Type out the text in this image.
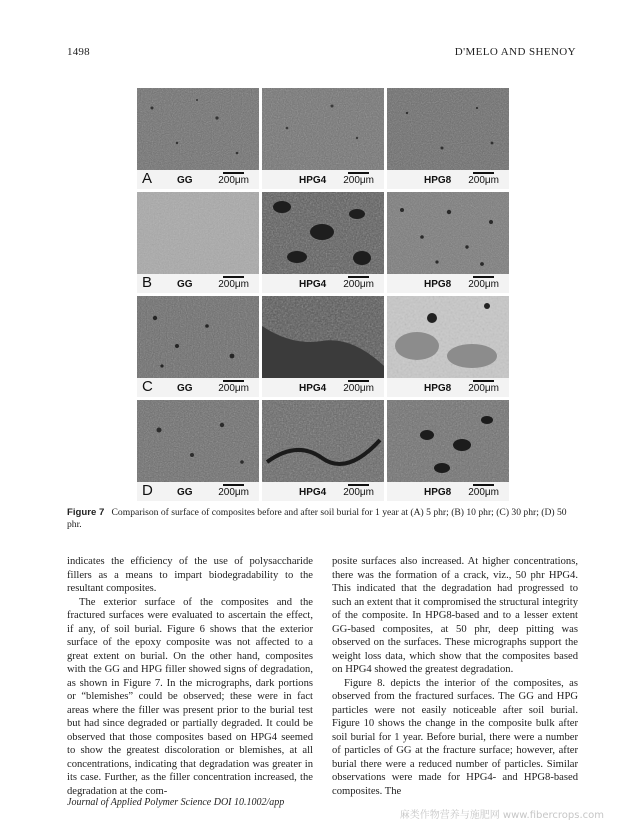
1498	D'MELO AND SHENOY
A GG	200μm	HPG4 200μm	HPG8 200μm
B GG	200μm	HPG4 200μm	HPG8 200μm
C GG	200μm	HPG4 200μm	HPG8 200μm
D GG	200μm	HPG4 200μm	HPG8 200μm
Figure 7 Comparison of surface of composites before and after soil burial for 1 year at (A) 5 phr; (B) 10 phr; (C) 30 phr; (D) 50 phr.

indicates the efficiency of the use of polysaccharide fillers as a means to impart biodegradability to the resultant composites.

The exterior surface of the composites and the fractured surfaces were evaluated to ascertain the effect, if any, of soil burial. Figure 6 shows that the exterior surface of the epoxy composite was not affected to a great extent on burial. On the other hand, composites with the GG and HPG filler showed signs of degradation, as shown in Figure 7. In the micrographs, dark portions or “blemishes” could be observed; these were in fact areas where the filler was present prior to the burial test but had since degraded or partially degraded. It could be observed that those composites based on HPG4 seemed to show the greatest discoloration or blemishes, at all concentrations, indicating that degradation was greater in its case. Further, as the filler concentration increased, the degradation at the com-

posite surfaces also increased. At higher concentrations, there was the formation of a crack, viz., 50 phr HPG4. This indicated that the degradation had progressed to such an extent that it compromised the structural integrity of the composite. In HPG8-based and to a lesser extent GG-based composites, at 50 phr, deep pitting was observed on the surfaces. These micrographs support the weight loss data, which show that the composites based on HPG4 showed the greatest degradation.

Figure 8. depicts the interior of the composites, as observed from the fractured surfaces. The GG and HPG particles were not easily noticeable after soil burial. Figure 10 shows the change in the composite bulk after soil burial for 1 year. Before burial, there were a number of particles of GG at the fracture surface; however, after burial there were a reduced number of particles. Similar observations were made for HPG4- and HPG8-based composites. The

Journal of Applied Polymer Science DOI 10.1002/app
麻类作物营养与施肥网 www.fibercrops.com
